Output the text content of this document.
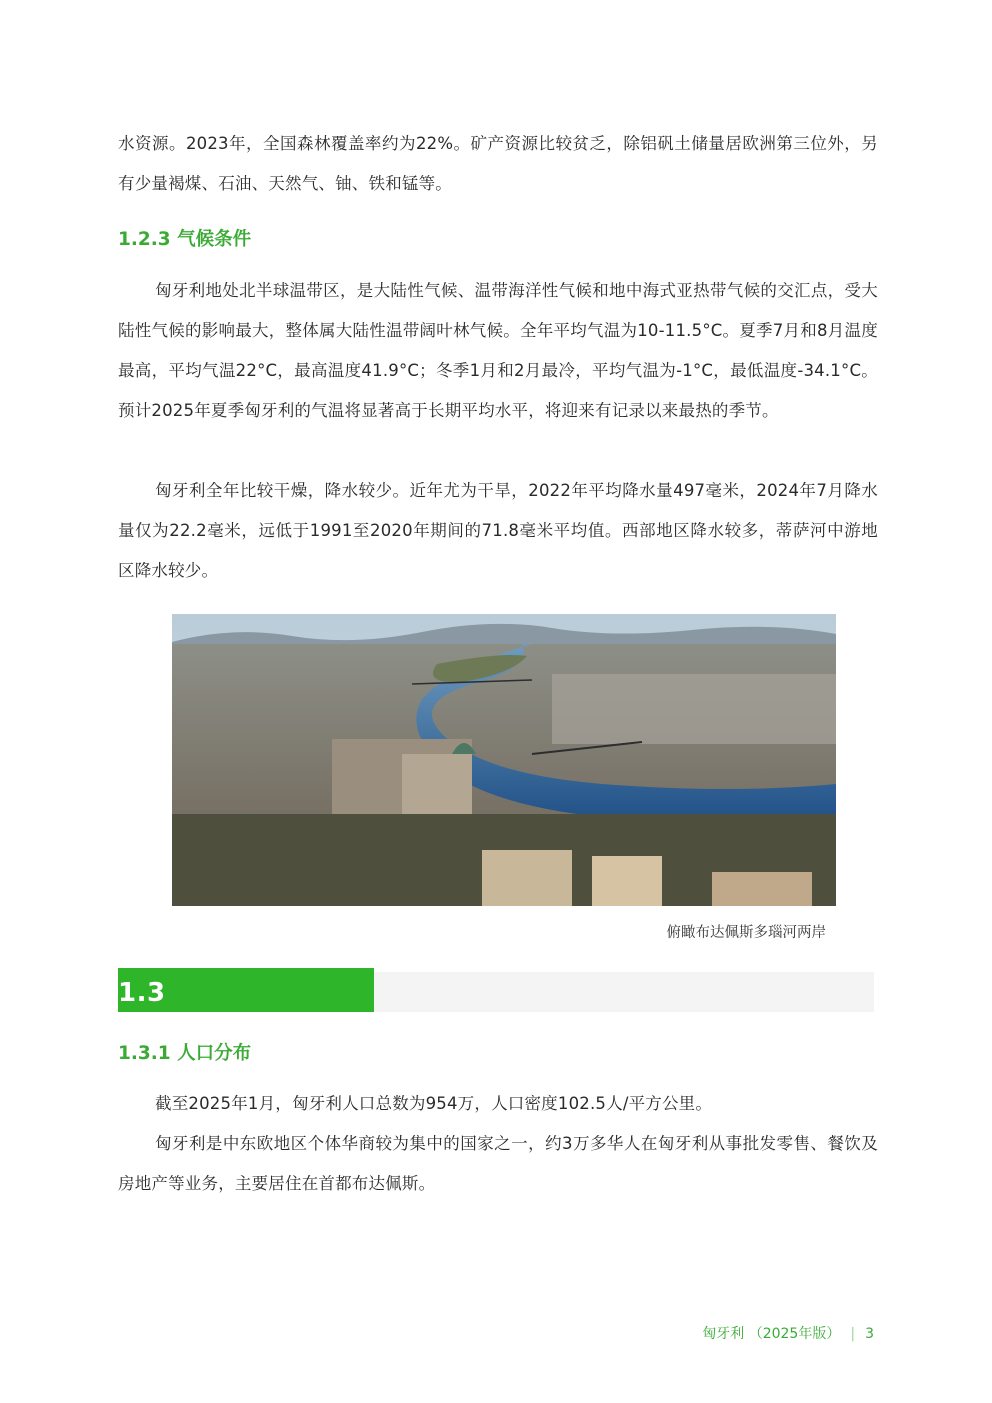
水资源。2023年，全国森林覆盖率约为22%。矿产资源比较贫乏，除铝矾土储量居欧洲第三位外，另有少量褐煤、石油、天然气、铀、铁和锰等。

1.2.3 气候条件

匈牙利地处北半球温带区，是大陆性气候、温带海洋性气候和地中海式亚热带气候的交汇点，受大陆性气候的影响最大，整体属大陆性温带阔叶林气候。全年平均气温为10-11.5°C。夏季7月和8月温度最高，平均气温22°C，最高温度41.9°C；冬季1月和2月最冷，平均气温为-1°C，最低温度-34.1°C。预计2025年夏季匈牙利的气温将显著高于长期平均水平，将迎来有记录以来最热的季节。

匈牙利全年比较干燥，降水较少。近年尤为干旱，2022年平均降水量497毫米，2024年7月降水量仅为22.2毫米，远低于1991至2020年期间的71.8毫米平均值。西部地区降水较多，蒂萨河中游地区降水较少。

俯瞰布达佩斯多瑙河两岸
1.3
1.3.1 人口分布

截至2025年1月，匈牙利人口总数为954万，人口密度102.5人/平方公里。

匈牙利是中东欧地区个体华商较为集中的国家之一，约3万多华人在匈牙利从事批发零售、餐饮及房地产等业务，主要居住在首都布达佩斯。

匈牙利 （2025年版） | 3
